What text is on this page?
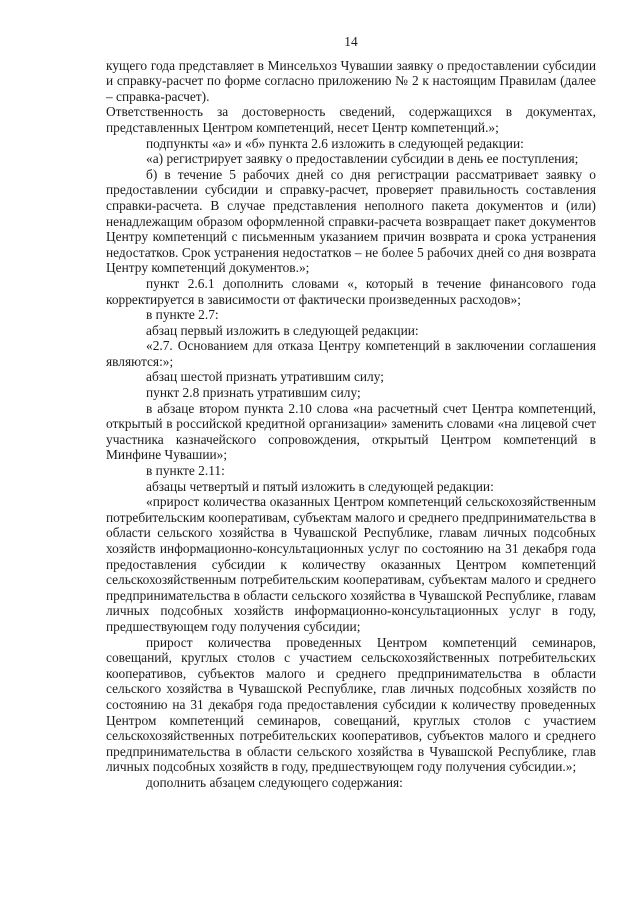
14

кущего года представляет в Минсельхоз Чувашии заявку о предоставлении субсидии и справку-расчет по форме согласно приложению № 2 к настоящим Правилам (далее – справка-расчет).

Ответственность за достоверность сведений, содержащихся в документах, представленных Центром компетенций, несет Центр компетенций.»;

подпункты «а» и «б» пункта 2.6 изложить в следующей редакции:

«а) регистрирует заявку о предоставлении субсидии в день ее поступления;

б) в течение 5 рабочих дней со дня регистрации рассматривает заявку о предоставлении субсидии и справку-расчет, проверяет правильность составления справки-расчета. В случае представления неполного пакета документов и (или) ненадлежащим образом оформленной справки-расчета возвращает пакет документов Центру компетенций с письменным указанием причин возврата и срока устранения недостатков. Срок устранения недостатков – не более 5 рабочих дней со дня возврата Центру компетенций документов.»;

пункт 2.6.1 дополнить словами «, который в течение финансового года корректируется в зависимости от фактически произведенных расходов»;

в пункте 2.7:

абзац первый изложить в следующей редакции:

«2.7. Основанием для отказа Центру компетенций в заключении соглашения являются:»;

абзац шестой признать утратившим силу;

пункт 2.8 признать утратившим силу;

в абзаце втором пункта 2.10 слова «на расчетный счет Центра компетенций, открытый в российской кредитной организации» заменить словами «на лицевой счет участника казначейского сопровождения, открытый Центром компетенций в Минфине Чувашии»;

в пункте 2.11:

абзацы четвертый и пятый изложить в следующей редакции:

«прирост количества оказанных Центром компетенций сельскохозяйственным потребительским кооперативам, субъектам малого и среднего предпринимательства в области сельского хозяйства в Чувашской Республике, главам личных подсобных хозяйств информационно-консультационных услуг по состоянию на 31 декабря года предоставления субсидии к количеству оказанных Центром компетенций сельскохозяйственным потребительским кооперативам, субъектам малого и среднего предпринимательства в области сельского хозяйства в Чувашской Республике, главам личных подсобных хозяйств информационно-консультационных услуг в году, предшествующем году получения субсидии;

прирост количества проведенных Центром компетенций семинаров, совещаний, круглых столов с участием сельскохозяйственных потребительских кооперативов, субъектов малого и среднего предпринимательства в области сельского хозяйства в Чувашской Республике, глав личных подсобных хозяйств по состоянию на 31 декабря года предоставления субсидии к количеству проведенных Центром компетенций семинаров, совещаний, круглых столов с участием сельскохозяйственных потребительских кооперативов, субъектов малого и среднего предпринимательства в области сельского хозяйства в Чувашской Республике, глав личных подсобных хозяйств в году, предшествующем году получения субсидии.»;

дополнить абзацем следующего содержания:
